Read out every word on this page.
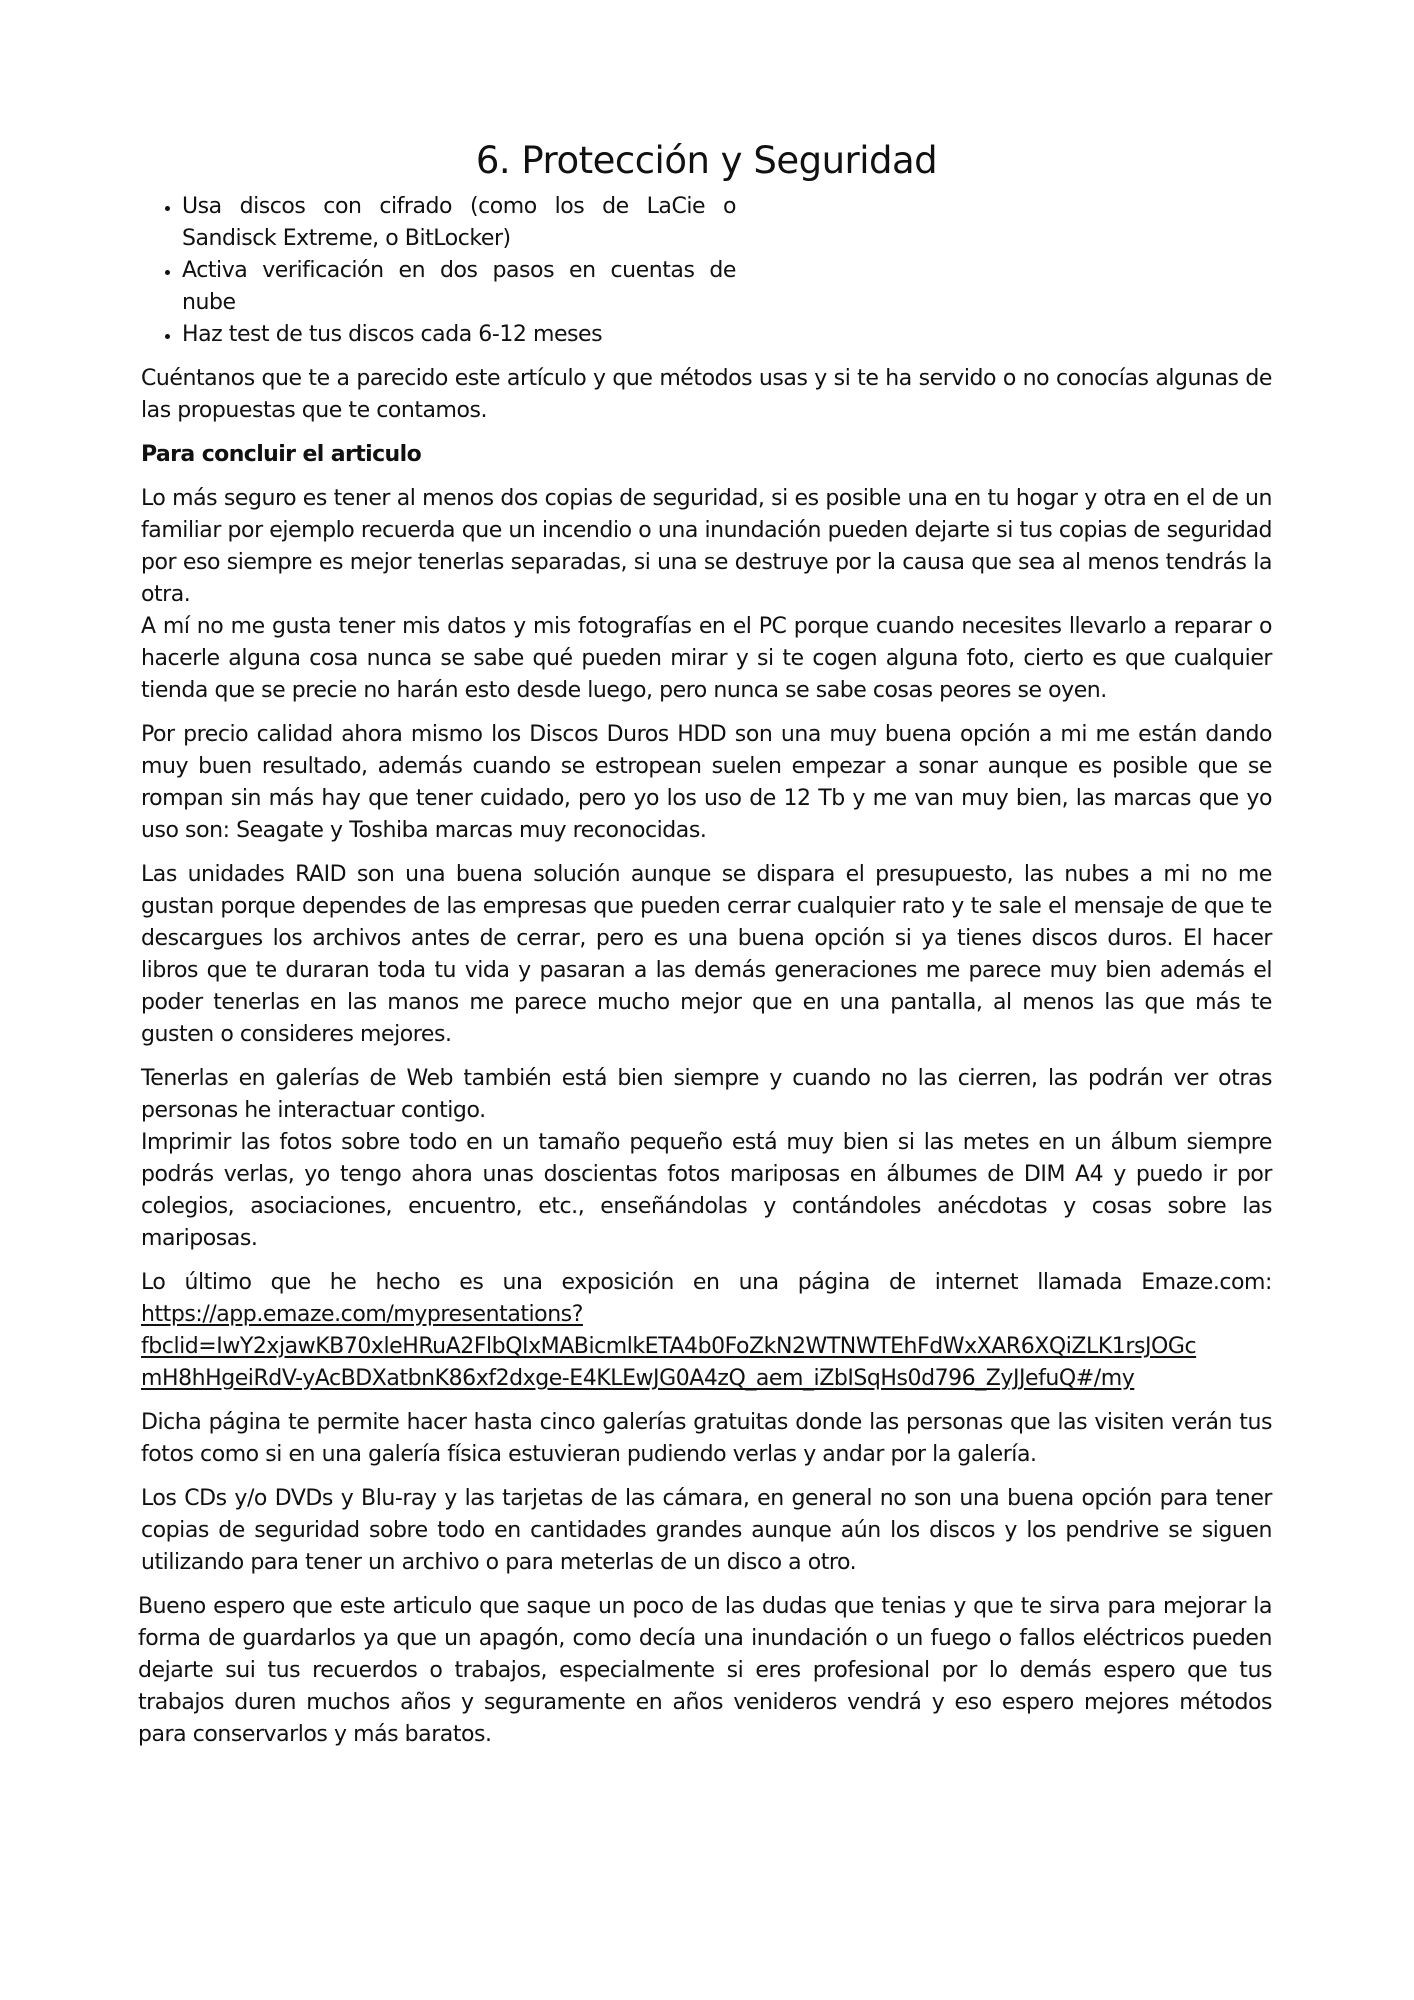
6. Protección y Seguridad
• Usa discos con cifrado (como los de LaCie o Sandisck Extreme, o BitLocker)
• Activa verificación en dos pasos en cuentas de nube
• Haz test de tus discos cada 6-12 meses

Cuéntanos que te a parecido este artículo y que métodos usas y si te ha servido o no conocías algunas de las propuestas que te contamos.

Para concluir el articulo

Lo más seguro es tener al menos dos copias de seguridad, si es posible una en tu hogar y otra en el de un familiar por ejemplo recuerda que un incendio o una inundación pueden dejarte si tus copias de seguridad por eso siempre es mejor tenerlas separadas, si una se destruye por la causa que sea al menos tendrás la otra.

A mí no me gusta tener mis datos y mis fotografías en el PC porque cuando necesites llevarlo a reparar o hacerle alguna cosa nunca se sabe qué pueden mirar y si te cogen alguna foto, cierto es que cualquier tienda que se precie no harán esto desde luego, pero nunca se sabe cosas peores se oyen.

Por precio calidad ahora mismo los Discos Duros HDD son una muy buena opción a mi me están dando muy buen resultado, además cuando se estropean suelen empezar a sonar aunque es posible que se rompan sin más hay que tener cuidado, pero yo los uso de 12 Tb y me van muy bien, las marcas que yo uso son: Seagate y Toshiba marcas muy reconocidas.

Las unidades RAID son una buena solución aunque se dispara el presupuesto, las nubes a mi no me gustan porque dependes de las empresas que pueden cerrar cualquier rato y te sale el mensaje de que te descargues los archivos antes de cerrar, pero es una buena opción si ya tienes discos duros. El hacer libros que te duraran toda tu vida y pasaran a las demás generaciones me parece muy bien además el poder tenerlas en las manos me parece mucho mejor que en una pantalla, al menos las que más te gusten o consideres mejores.

Tenerlas en galerías de Web también está bien siempre y cuando no las cierren, las podrán ver otras personas he interactuar contigo.

Imprimir las fotos sobre todo en un tamaño pequeño está muy bien si las metes en un álbum siempre podrás verlas, yo tengo ahora unas doscientas fotos mariposas en álbumes de DIM A4 y puedo ir por colegios, asociaciones, encuentro, etc., enseñándolas y contándoles anécdotas y cosas sobre las mariposas.

Lo último que he hecho es una exposición en una página de internet llamada Emaze.com:
https://app.emaze.com/mypresentations?
fbclid=IwY2xjawKB70xleHRuA2FlbQIxMABicmlkETA4b0FoZkN2WTNWTEhFdWxXAR6XQiZLK1rsJOGc
mH8hHgeiRdV-yAcBDXatbnK86xf2dxge-E4KLEwJG0A4zQ_aem_iZbISqHs0d796_ZyJJefuQ#/my

Dicha página te permite hacer hasta cinco galerías gratuitas donde las personas que las visiten verán tus fotos como si en una galería física estuvieran pudiendo verlas y andar por la galería.

Los CDs y/o DVDs y Blu-ray y las tarjetas de las cámara, en general no son una buena opción para tener copias de seguridad sobre todo en cantidades grandes aunque aún los discos y los pendrive se siguen utilizando para tener un archivo o para meterlas de un disco a otro.

Bueno espero que este articulo que saque un poco de las dudas que tenias y que te sirva para mejorar la forma de guardarlos ya que un apagón, como decía una inundación o un fuego o fallos eléctricos pueden dejarte sui tus recuerdos o trabajos, especialmente si eres profesional por lo demás espero que tus trabajos duren muchos años y seguramente en años venideros vendrá y eso espero mejores métodos para conservarlos y más baratos.
